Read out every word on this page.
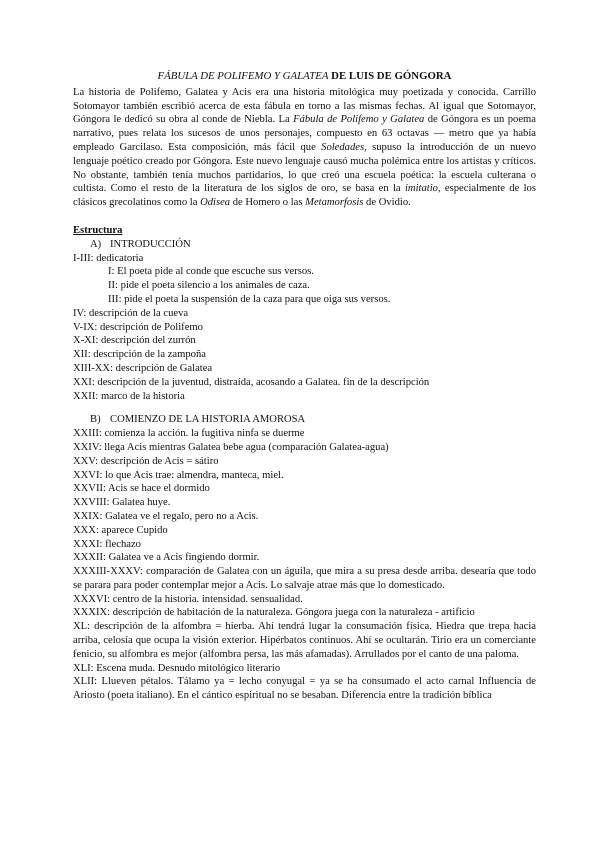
FÁBULA DE POLIFEMO Y GALATEA DE LUIS DE GÓNGORA

La historia de Polifemo, Galatea y Acis era una historia mitológica muy poetizada y conocida. Carrillo Sotomayor también escribió acerca de esta fábula en torno a las mismas fechas. Al igual que Sotomayor, Góngora le dedicó su obra al conde de Niebla. La Fábula de Polifemo y Galatea de Góngora es un poema narrativo, pues relata los sucesos de unos personajes, compuesto en 63 octavas — metro que ya había empleado Garcilaso. Esta composición, más fácil que Soledades, supuso la introducción de un nuevo lenguaje poético creado por Góngora. Este nuevo lenguaje causó mucha polémica entre los artistas y críticos. No obstante, también tenía muchos partidarios, lo que creó una escuela poética: la escuela culterana o cultista. Como el resto de la literatura de los siglos de oro, se basa en la imitatio, especialmente de los clásicos grecolatinos como la Odisea de Homero o las Metamorfosis de Ovidio.

Estructura
A) INTRODUCCIÓN
I-III: dedicatoria
I: El poeta pide al conde que escuche sus versos.
II: pide el poeta silencio a los animales de caza.
III: pide el poeta la suspensión de la caza para que oiga sus versos.
IV: descripción de la cueva
V-IX: descripción de Polifemo
X-XI: descripción del zurrón
XII: descripción de la zampoña
XIII-XX: descripción de Galatea
XXI: descripción de la juventud, distraída, acosando a Galatea. fin de la descripción
XXII: marco de la historia
B) COMIENZO DE LA HISTORIA AMOROSA
XXIII: comienza la acción. la fugitiva ninfa se duerme
XXIV: llega Acis mientras Galatea bebe agua (comparación Galatea-agua)
XXV: descripción de Acis = sátiro
XXVI: lo que Acis trae: almendra, manteca, miel.
XXVII: Acis se hace el dormido
XXVIII: Galatea huye.
XXIX: Galatea ve el regalo, pero no a Acis.
XXX: aparece Cupido
XXXI: flechazo
XXXII: Galatea ve a Acis fingiendo dormir.
XXXIII-XXXV: comparación de Galatea con un águila, que mira a su presa desde arriba. desearía que todo se parara para poder contemplar mejor a Acis. Lo salvaje atrae más que lo domesticado.
XXXVI: centro de la historia. intensidad. sensualidad.
XXXIX: descripción de habitación de la naturaleza. Góngora juega con la naturaleza - artificio
XL: descripción de la alfombra = hierba. Ahí tendrá lugar la consumación física. Hiedra que trepa hacia arriba, celosía que ocupa la visión exterior. Hipérbatos continuos. Ahí se ocultarán. Tirio era un comerciante fenicio, su alfombra es mejor (alfombra persa, las más afamadas). Arrullados por el canto de una paloma.
XLI: Escena muda. Desnudo mitológico literario
XLII: Llueven pétalos. Tálamo ya = lecho conyugal = ya se ha consumado el acto carnal Influencia de Ariosto (poeta italiano). En el cántico espiritual no se besaban. Diferencia entre la tradición bíblica
